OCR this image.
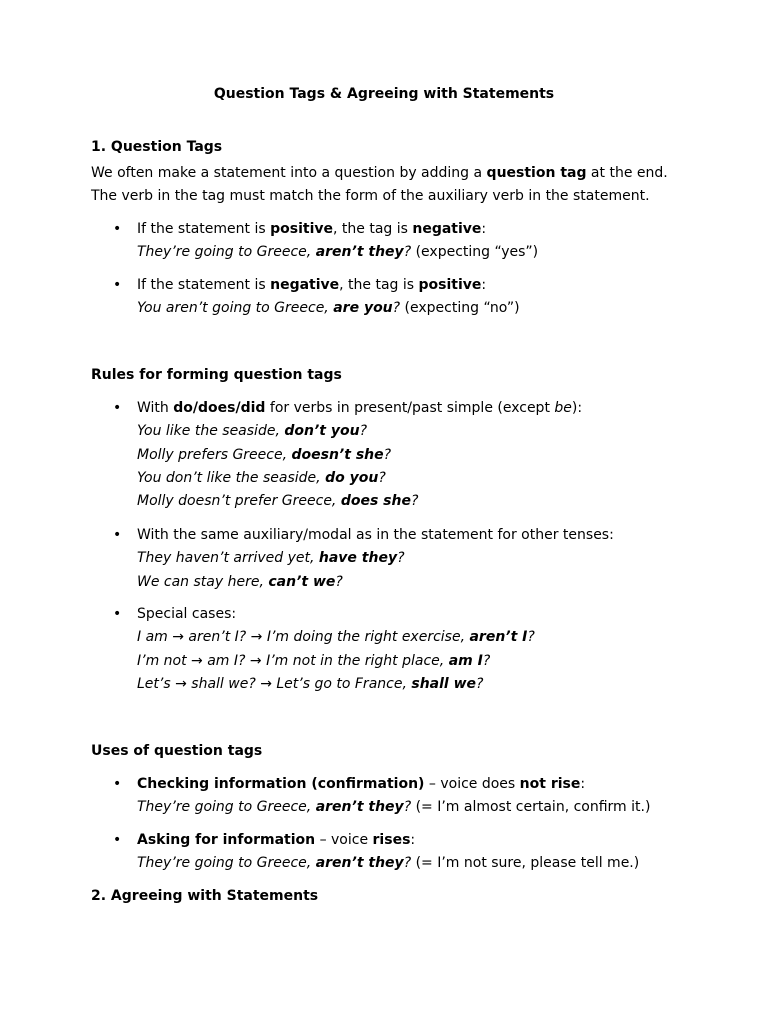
Question Tags & Agreeing with Statements

1. Question Tags

We often make a statement into a question by adding a question tag at the end.
The verb in the tag must match the form of the auxiliary verb in the statement.

• If the statement is positive, the tag is negative:
They’re going to Greece, aren’t they? (expecting “yes”)
• If the statement is negative, the tag is positive:
You aren’t going to Greece, are you? (expecting “no”)

Rules for forming question tags

• With do/does/did for verbs in present/past simple (except be):
You like the seaside, don’t you?
Molly prefers Greece, doesn’t she?
You don’t like the seaside, do you?
Molly doesn’t prefer Greece, does she?
• With the same auxiliary/modal as in the statement for other tenses:
They haven’t arrived yet, have they?
We can stay here, can’t we?
• Special cases:
I am → aren’t I? → I’m doing the right exercise, aren’t I?
I’m not → am I? → I’m not in the right place, am I?
Let’s → shall we? → Let’s go to France, shall we?

Uses of question tags

• Checking information (confirmation) – voice does not rise:
They’re going to Greece, aren’t they? (= I’m almost certain, confirm it.)
• Asking for information – voice rises:
They’re going to Greece, aren’t they? (= I’m not sure, please tell me.)

2. Agreeing with Statements
